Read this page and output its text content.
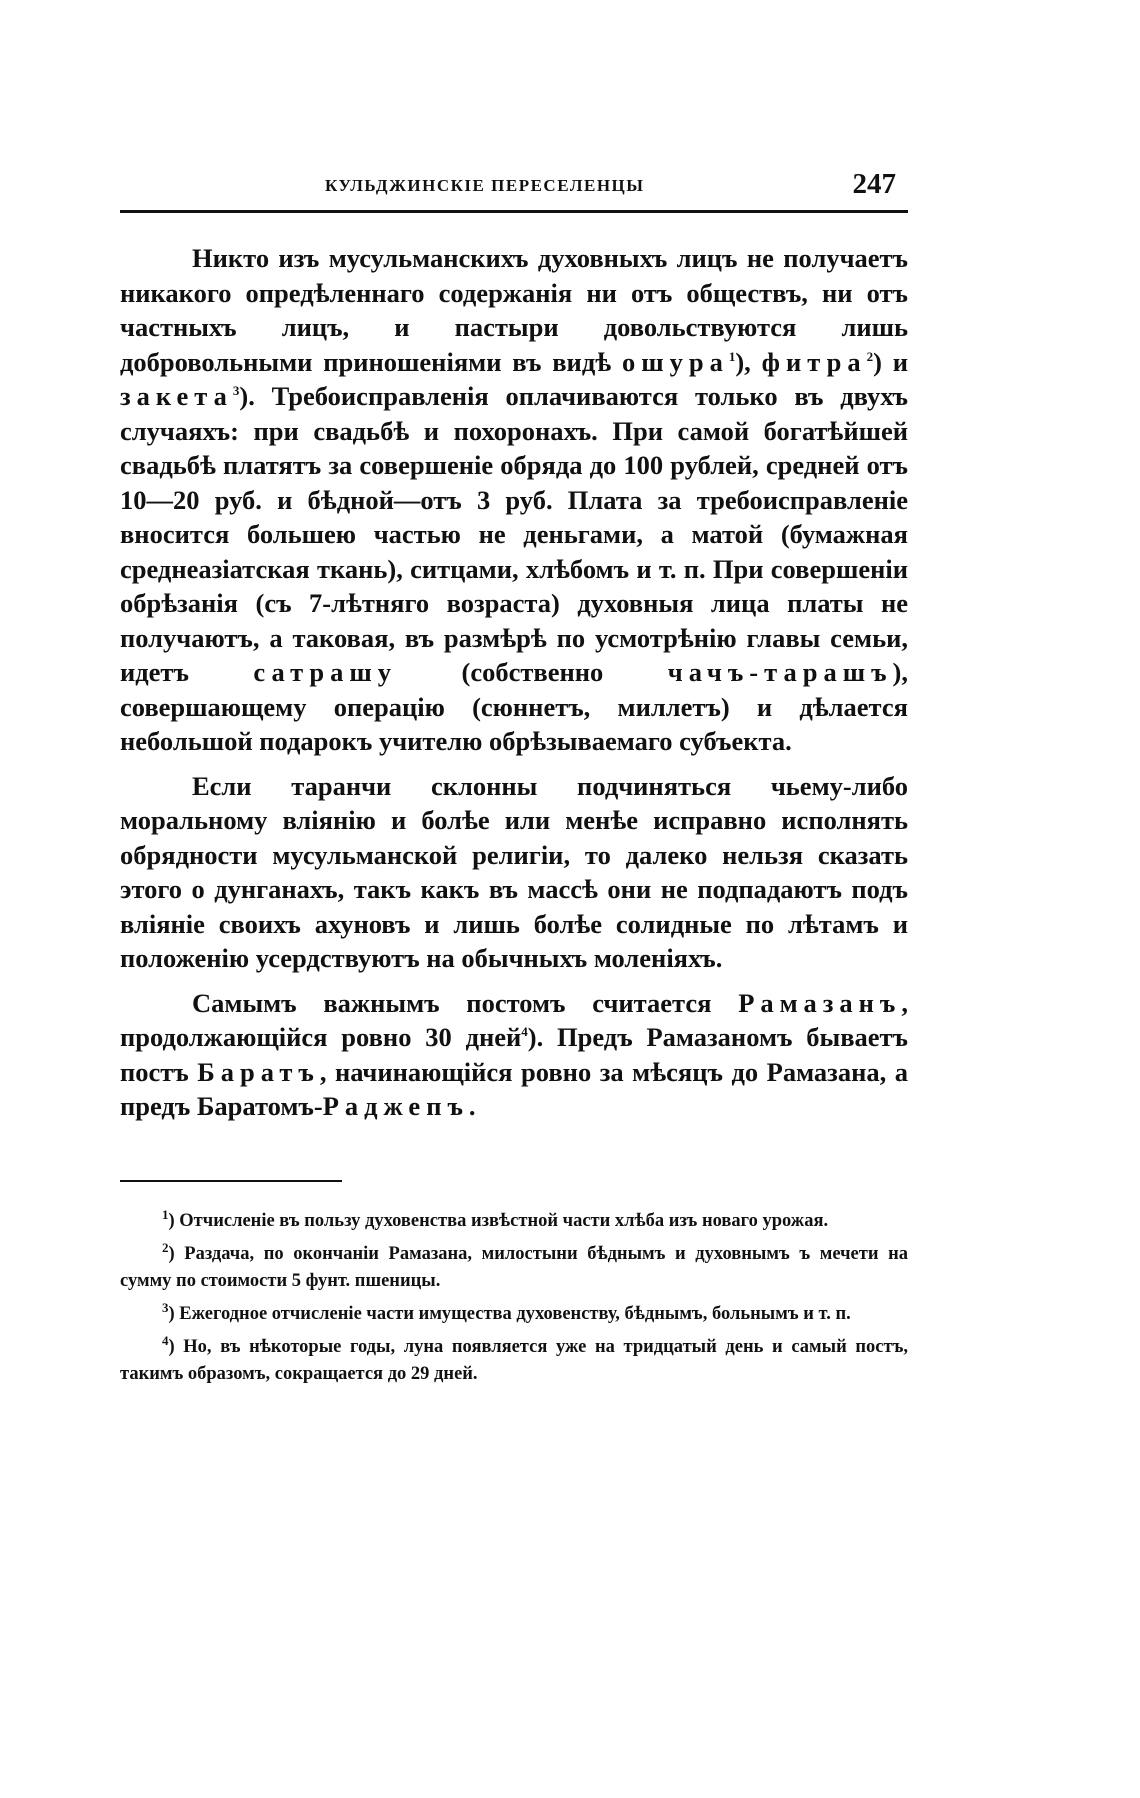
КУЛЬДЖИНСКІЕ ПЕРЕСЕЛЕНЦЫ	247

Никто изъ мусульманскихъ духовныхъ лицъ не получаетъ никакого опредѣленнаго содержанія ни отъ обществъ, ни отъ частныхъ лицъ, и пастыри довольствуются лишь добровольными приношеніями въ видѣ ошура$^1$), фитра$^2$) и закета$^3$). Требоисправленія оплачиваются только въ двухъ случаяхъ: при свадьбѣ и похоронахъ. При самой богатѣйшей свадьбѣ платятъ за совершеніе обряда до 100 рублей, средней отъ 10—20 руб. и бѣдной—отъ 3 руб. Плата за требоисправленіе вносится большею частью не деньгами, а матой (бумажная среднеазіатская ткань), ситцами, хлѣбомъ и т. п. При совершеніи обрѣзанія (съ 7-лѣтняго возраста) духовныя лица платы не получаютъ, а таковая, въ размѣрѣ по усмотрѣнію главы семьи, идетъ сатрашу (собственно чачъ-тарашъ), совершающему операцію (сюннетъ, миллетъ) и дѣлается небольшой подарокъ учителю обрѣзываемаго субъекта.

Если таранчи склонны подчиняться чьему-либо моральному вліянію и болѣе или менѣе исправно исполнять обрядности мусульманской религіи, то далеко нельзя сказать этого о дунганахъ, такъ какъ въ массѣ они не подпадаютъ подъ вліяніе своихъ ахуновъ и лишь болѣе солидные по лѣтамъ и положенію усердствуютъ на обычныхъ моленіяхъ.

Самымъ важнымъ постомъ считается Рамазанъ, продолжающійся ровно 30 дней$^4$). Предъ Рамазаномъ бываетъ постъ Баратъ, начинающійся ровно за мѣсяцъ до Рамазана, а предъ Баратомъ-Раджепъ.

$^1$) Отчисленіе въ пользу духовенства извѣстной части хлѣба изъ новаго урожая.

$^2$) Раздача, по окончаніи Рамазана, милостыни бѣднымъ и духовнымъ ъ мечети на сумму по стоимости 5 фунт. пшеницы.

$^3$) Ежегодное отчисленіе части имущества духовенству, бѣднымъ, больнымъ и т. п.

$^4$) Но, въ нѣкоторые годы, луна появляется уже на тридцатый день и самый постъ, такимъ образомъ, сокращается до 29 дней.
